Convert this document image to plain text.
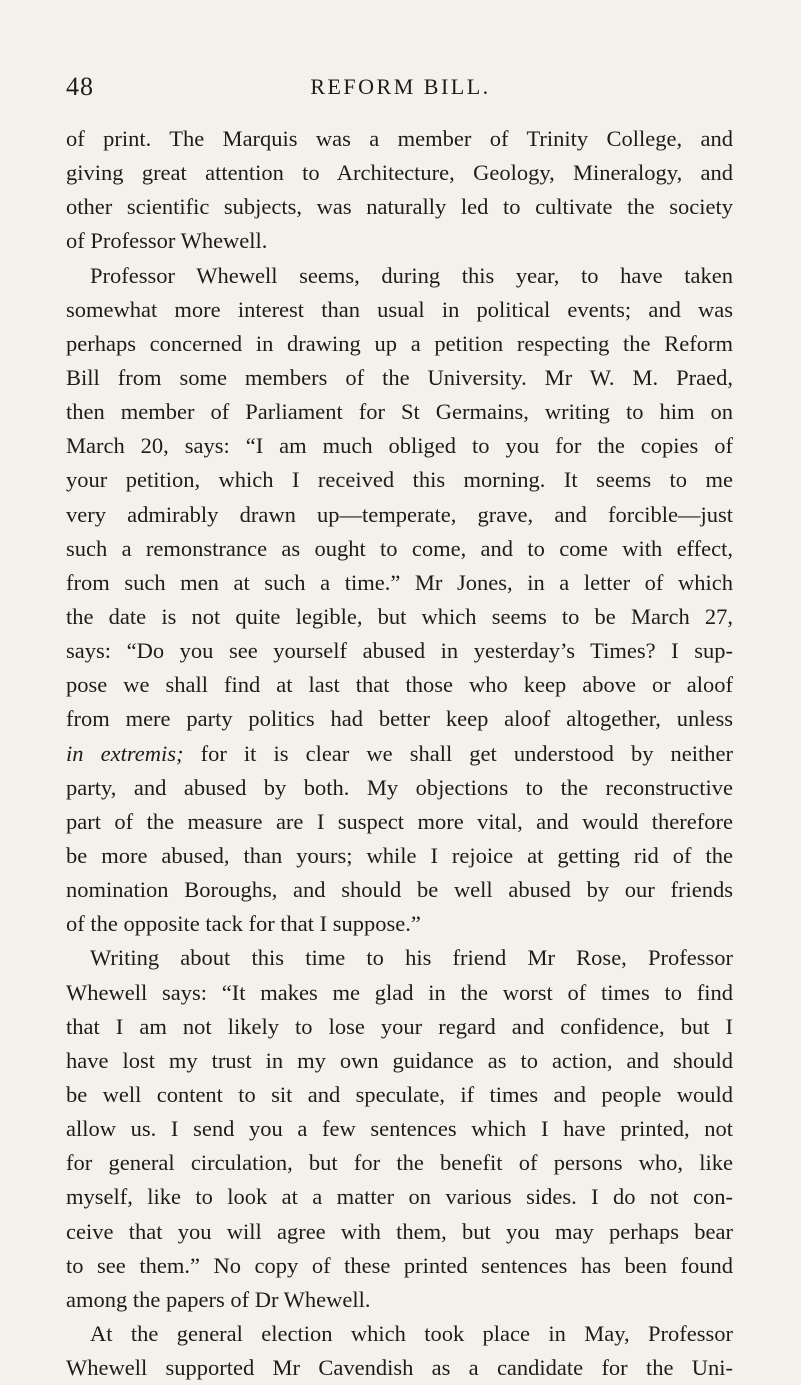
48	REFORM BILL.
of print. The Marquis was a member of Trinity College, and
giving great attention to Architecture, Geology, Mineralogy, and
other scientific subjects, was naturally led to cultivate the society
of Professor Whewell.
Professor Whewell seems, during this year, to have taken
somewhat more interest than usual in political events; and was
perhaps concerned in drawing up a petition respecting the Reform
Bill from some members of the University. Mr W. M. Praed,
then member of Parliament for St Germains, writing to him on
March 20, says: “I am much obliged to you for the copies of
your petition, which I received this morning. It seems to me
very admirably drawn up—temperate, grave, and forcible—just
such a remonstrance as ought to come, and to come with effect,
from such men at such a time.” Mr Jones, in a letter of which
the date is not quite legible, but which seems to be March 27,
says: “Do you see yourself abused in yesterday’s Times? I sup-
pose we shall find at last that those who keep above or aloof
from mere party politics had better keep aloof altogether, unless
in extremis; for it is clear we shall get understood by neither
party, and abused by both. My objections to the reconstructive
part of the measure are I suspect more vital, and would therefore
be more abused, than yours; while I rejoice at getting rid of the
nomination Boroughs, and should be well abused by our friends
of the opposite tack for that I suppose.”
Writing about this time to his friend Mr Rose, Professor
Whewell says: “It makes me glad in the worst of times to find
that I am not likely to lose your regard and confidence, but I
have lost my trust in my own guidance as to action, and should
be well content to sit and speculate, if times and people would
allow us. I send you a few sentences which I have printed, not
for general circulation, but for the benefit of persons who, like
myself, like to look at a matter on various sides. I do not con-
ceive that you will agree with them, but you may perhaps bear
to see them.” No copy of these printed sentences has been found
among the papers of Dr Whewell.
At the general election which took place in May, Professor
Whewell supported Mr Cavendish as a candidate for the Uni-
